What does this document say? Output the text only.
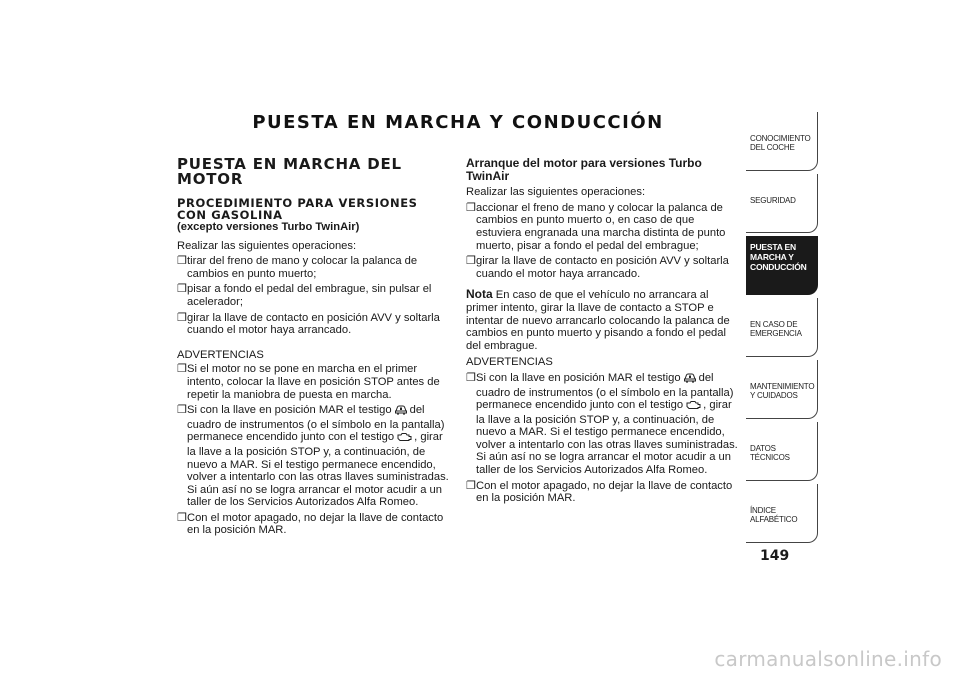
PUESTA EN MARCHA Y CONDUCCIÓN
PUESTA EN MARCHA DEL
MOTOR
PROCEDIMIENTO PARA VERSIONES
CON GASOLINA
(excepto versiones Turbo TwinAir)

Realizar las siguientes operaciones:

❐ tirar del freno de mano y colocar la palanca de cambios en punto muerto;
❐ pisar a fondo el pedal del embrague, sin pulsar el acelerador;
❐ girar la llave de contacto en posición AVV y soltarla cuando el motor haya arrancado.

ADVERTENCIAS

❐ Si el motor no se pone en marcha en el primer intento, colocar la llave en posición STOP antes de repetir la maniobra de puesta en marcha.
❐ Si con la llave en posición MAR el testigo del cuadro de instrumentos (o el símbolo en la pantalla) permanece encendido junto con el testigo , girar la llave a la posición STOP y, a continuación, de nuevo a MAR. Si el testigo permanece encendido, volver a intentarlo con las otras llaves suministradas. Si aún así no se logra arrancar el motor acudir a un taller de los Servicios Autorizados Alfa Romeo.
❐ Con el motor apagado, no dejar la llave de contacto en la posición MAR.
Arranque del motor para versiones Turbo TwinAir

Realizar las siguientes operaciones:

❐ accionar el freno de mano y colocar la palanca de cambios en punto muerto o, en caso de que estuviera engranada una marcha distinta de punto muerto, pisar a fondo el pedal del embrague;
❐ girar la llave de contacto en posición AVV y soltarla cuando el motor haya arrancado.

Nota En caso de que el vehículo no arrancara al primer intento, girar la llave de contacto a STOP e intentar de nuevo arrancarlo colocando la palanca de cambios en punto muerto y pisando a fondo el pedal del embrague.

ADVERTENCIAS

❐ Si con la llave en posición MAR el testigo del cuadro de instrumentos (o el símbolo en la pantalla) permanece encendido junto con el testigo , girar la llave a la posición STOP y, a continuación, de nuevo a MAR. Si el testigo permanece encendido, volver a intentarlo con las otras llaves suministradas. Si aún así no se logra arrancar el motor acudir a un taller de los Servicios Autorizados Alfa Romeo.
❐ Con el motor apagado, no dejar la llave de contacto en la posición MAR.
CONOCIMIENTO DEL COCHE
SEGURIDAD
PUESTA EN MARCHA Y CONDUCCIÓN
EN CASO DE EMERGENCIA
MANTENIMIENTO Y CUIDADOS
DATOS TÉCNICOS
ÍNDICE ALFABÉTICO
149
carmanualsonline.info
